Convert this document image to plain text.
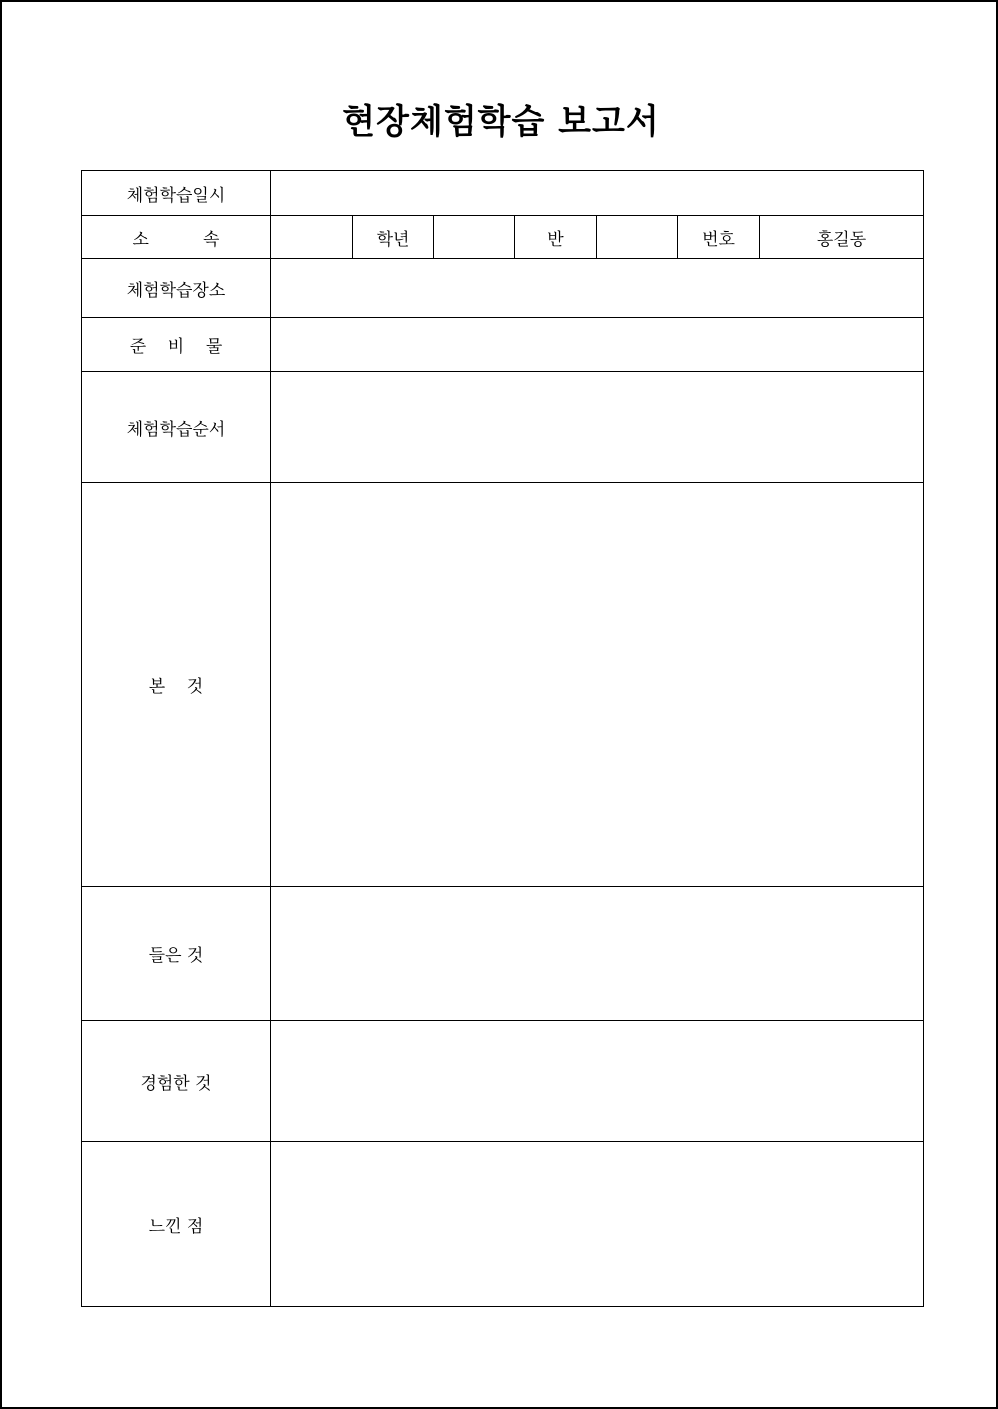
현장체험학습 보고서
체험학습일시							
소          속		학년		반		번호	홍길동
체험학습장소							
준    비    물							
체험학습순서							
본    것							
들은 것							
경험한 것							
느낀 점							
